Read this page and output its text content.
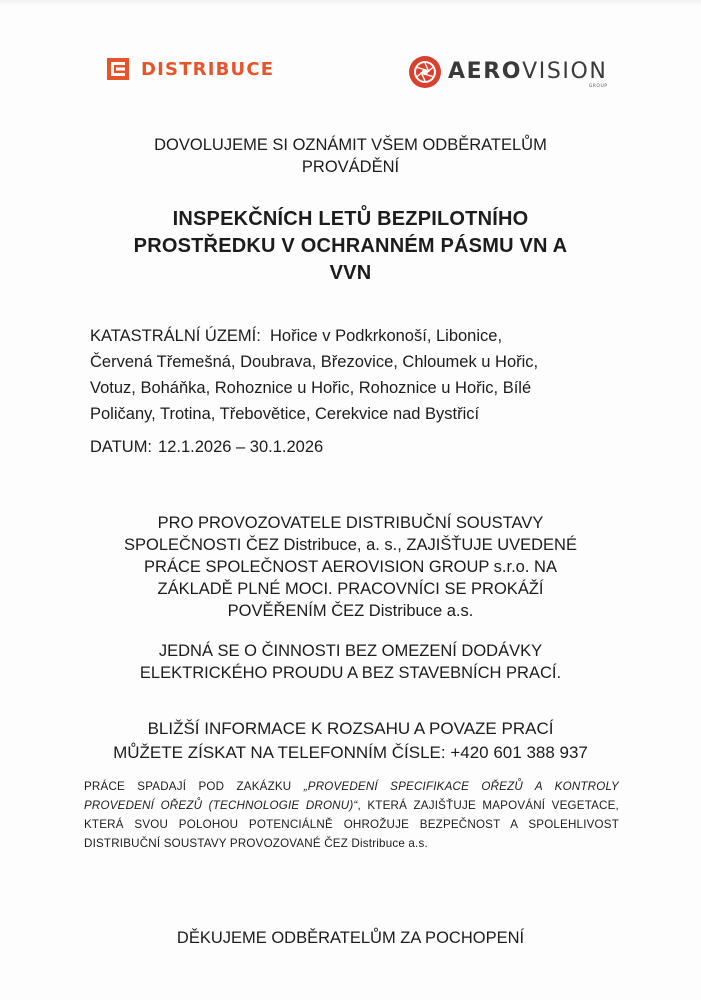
DISTRIBUCE	AEROVISION
GROUP
DOVOLUJEME SI OZNÁMIT VŠEM ODBĚRATELŮM
PROVÁDĚNÍ
INSPEKČNÍCH LETŮ BEZPILOTNÍHO
PROSTŘEDKU V OCHRANNÉM PÁSMU VN A
VVN
KATASTRÁLNÍ ÚZEMÍ: Hořice v Podkrkonoší, Libonice,
Červená Třemešná, Doubrava, Březovice, Chloumek u Hořic,
Votuz, Boháňka, Rohoznice u Hořic, Rohoznice u Hořic, Bílé
Poličany, Trotina, Třebovětice, Cerekvice nad Bystřicí
DATUM: 12.1.2026 – 30.1.2026
PRO PROVOZOVATELE DISTRIBUČNÍ SOUSTAVY
SPOLEČNOSTI ČEZ Distribuce, a. s., ZAJIŠŤUJE UVEDENÉ
PRÁCE SPOLEČNOST AEROVISION GROUP s.r.o. NA
ZÁKLADĚ PLNÉ MOCI. PRACOVNÍCI SE PROKÁŽÍ
POVĚŘENÍM ČEZ Distribuce a.s.
JEDNÁ SE O ČINNOSTI BEZ OMEZENÍ DODÁVKY
ELEKTRICKÉHO PROUDU A BEZ STAVEBNÍCH PRACÍ.
BLIŽŠÍ INFORMACE K ROZSAHU A POVAZE PRACÍ
MŮŽETE ZÍSKAT NA TELEFONNÍM ČÍSLE: +420 601 388 937
PRÁCE SPADAJÍ POD ZAKÁZKU „PROVEDENÍ SPECIFIKACE OŘEZŮ A KONTROLY PROVEDENÍ OŘEZŮ (TECHNOLOGIE DRONU)“, KTERÁ ZAJIŠŤUJE MAPOVÁNÍ VEGETACE, KTERÁ SVOU POLOHOU POTENCIÁLNĚ OHROŽUJE BEZPEČNOST A SPOLEHLIVOST DISTRIBUČNÍ SOUSTAVY PROVOZOVANÉ ČEZ Distribuce a.s.
DĚKUJEME ODBĚRATELŮM ZA POCHOPENÍ
